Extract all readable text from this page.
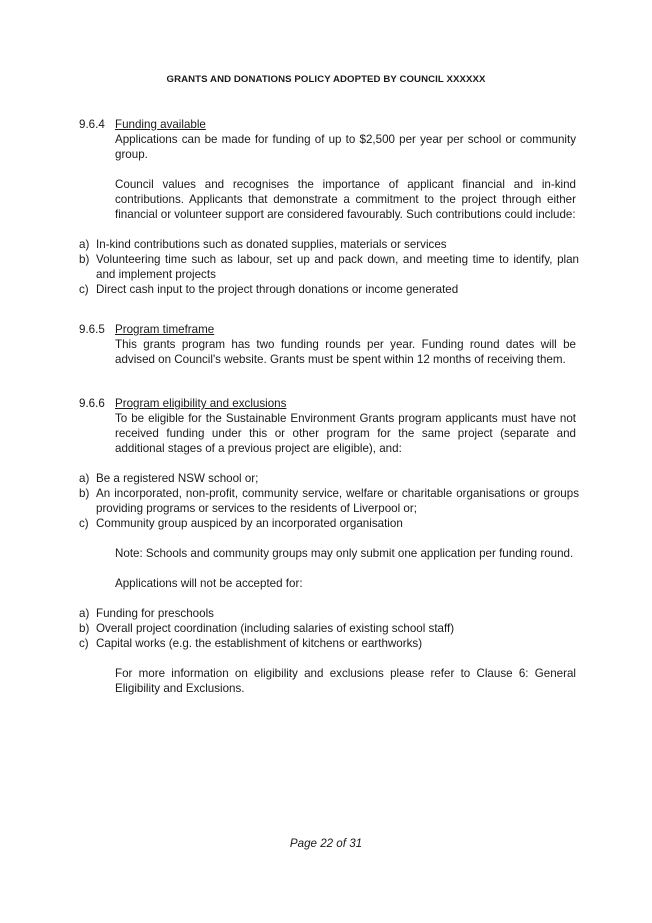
GRANTS AND DONATIONS POLICY ADOPTED BY COUNCIL XXXXXX
9.6.4 Funding available

Applications can be made for funding of up to $2,500 per year per school or community group.

Council values and recognises the importance of applicant financial and in-kind contributions. Applicants that demonstrate a commitment to the project through either financial or volunteer support are considered favourably. Such contributions could include:

a) In-kind contributions such as donated supplies, materials or services
b) Volunteering time such as labour, set up and pack down, and meeting time to identify, plan and implement projects
c) Direct cash input to the project through donations or income generated
9.6.5 Program timeframe

This grants program has two funding rounds per year. Funding round dates will be advised on Council's website. Grants must be spent within 12 months of receiving them.

9.6.6 Program eligibility and exclusions

To be eligible for the Sustainable Environment Grants program applicants must have not received funding under this or other program for the same project (separate and additional stages of a previous project are eligible), and:

a) Be a registered NSW school or;
b) An incorporated, non-profit, community service, welfare or charitable organisations or groups providing programs or services to the residents of Liverpool or;
c) Community group auspiced by an incorporated organisation

Note: Schools and community groups may only submit one application per funding round.

Applications will not be accepted for:

a) Funding for preschools
b) Overall project coordination (including salaries of existing school staff)
c) Capital works (e.g. the establishment of kitchens or earthworks)

For more information on eligibility and exclusions please refer to Clause 6: General Eligibility and Exclusions.

Page 22 of 31
